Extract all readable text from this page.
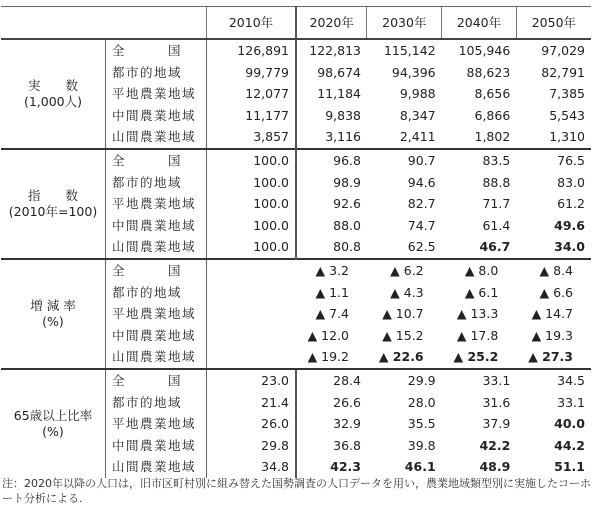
		2010年	2020年	2030年	2040年	2050年

実　　数
(1,000人)	全　　　国	126,891	122,813	115,142	105,946	97,029
	都市的地域	99,779	98,674	94,396	88,623	82,791
	平地農業地域	12,077	11,184	9,988	8,656	7,385
	中間農業地域	11,177	9,838	8,347	6,866	5,543
	山間農業地域	3,857	3,116	2,411	1,802	1,310

指　　数
(2010年=100)	全　　　国	100.0	96.8	90.7	83.5	76.5
	都市的地域	100.0	98.9	94.6	88.8	83.0
	平地農業地域	100.0	92.6	82.7	71.7	61.2
	中間農業地域	100.0	88.0	74.7	61.4	49.6
	山間農業地域	100.0	80.8	62.5	46.7	34.0

増 減 率
(%)	全　　　国		▲ 3.2	▲ 6.2	▲ 8.0	▲ 8.4
	都市的地域		▲ 1.1	▲ 4.3	▲ 6.1	▲ 6.6
	平地農業地域		▲ 7.4	▲ 10.7	▲ 13.3	▲ 14.7
	中間農業地域		▲ 12.0	▲ 15.2	▲ 17.8	▲ 19.3
	山間農業地域		▲ 19.2	▲ 22.6	▲ 25.2	▲ 27.3

65歳以上比率
(%)	全　　　国	23.0	28.4	29.9	33.1	34.5
	都市的地域	21.4	26.6	28.0	31.6	33.1
	平地農業地域	26.0	32.9	35.5	37.9	40.0
	中間農業地域	29.8	36.8	39.8	42.2	44.2
	山間農業地域	34.8	42.3	46.1	48.9	51.1
注：2020年以降の人口は，旧市区町村別に組み替えた国勢調査の人口データを用い，農業地域類型別に実施したコーホート分析による.
